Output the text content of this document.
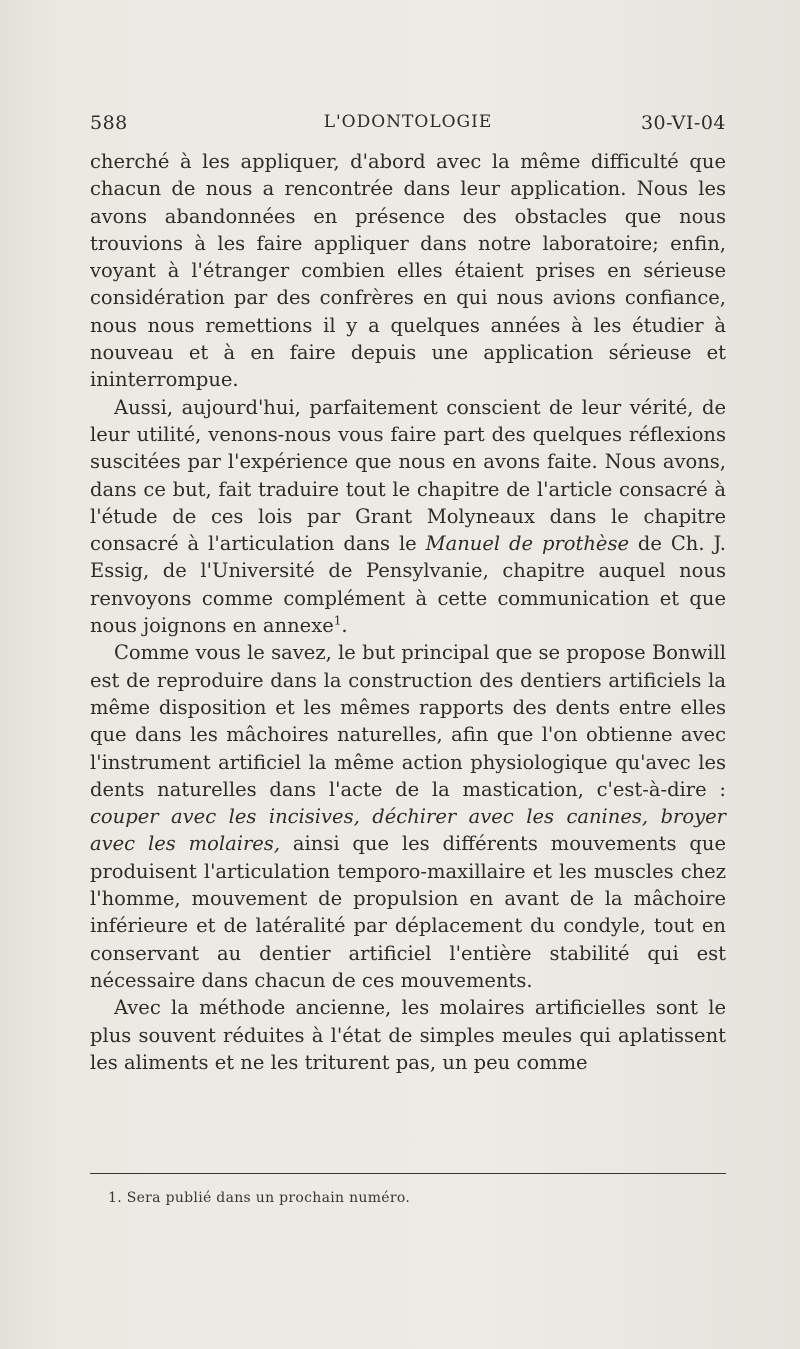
588	L'ODONTOLOGIE	30-VI-04

cherché à les appliquer, d'abord avec la même difficulté que chacun de nous a rencontrée dans leur application. Nous les avons abandonnées en présence des obstacles que nous trouvions à les faire appliquer dans notre laboratoire; enfin, voyant à l'étranger combien elles étaient prises en sérieuse considération par des confrères en qui nous avions confiance, nous nous remettions il y a quelques années à les étudier à nouveau et à en faire depuis une application sérieuse et ininterrompue.

Aussi, aujourd'hui, parfaitement conscient de leur vérité, de leur utilité, venons-nous vous faire part des quelques réflexions suscitées par l'expérience que nous en avons faite. Nous avons, dans ce but, fait traduire tout le chapitre de l'article consacré à l'étude de ces lois par Grant Molyneaux dans le chapitre consacré à l'articulation dans le Manuel de prothèse de Ch. J. Essig, de l'Université de Pensylvanie, chapitre auquel nous renvoyons comme complément à cette communication et que nous joignons en annexe$^1$.

Comme vous le savez, le but principal que se propose Bonwill est de reproduire dans la construction des dentiers artificiels la même disposition et les mêmes rapports des dents entre elles que dans les mâchoires naturelles, afin que l'on obtienne avec l'instrument artificiel la même action physiologique qu'avec les dents naturelles dans l'acte de la mastication, c'est-à-dire : couper avec les incisives, déchirer avec les canines, broyer avec les molaires, ainsi que les différents mouvements que produisent l'articulation temporo-maxillaire et les muscles chez l'homme, mouvement de propulsion en avant de la mâchoire inférieure et de latéralité par déplacement du condyle, tout en conservant au dentier artificiel l'entière stabilité qui est nécessaire dans chacun de ces mouvements.

Avec la méthode ancienne, les molaires artificielles sont le plus souvent réduites à l'état de simples meules qui aplatissent les aliments et ne les triturent pas, un peu comme

1. Sera publié dans un prochain numéro.
